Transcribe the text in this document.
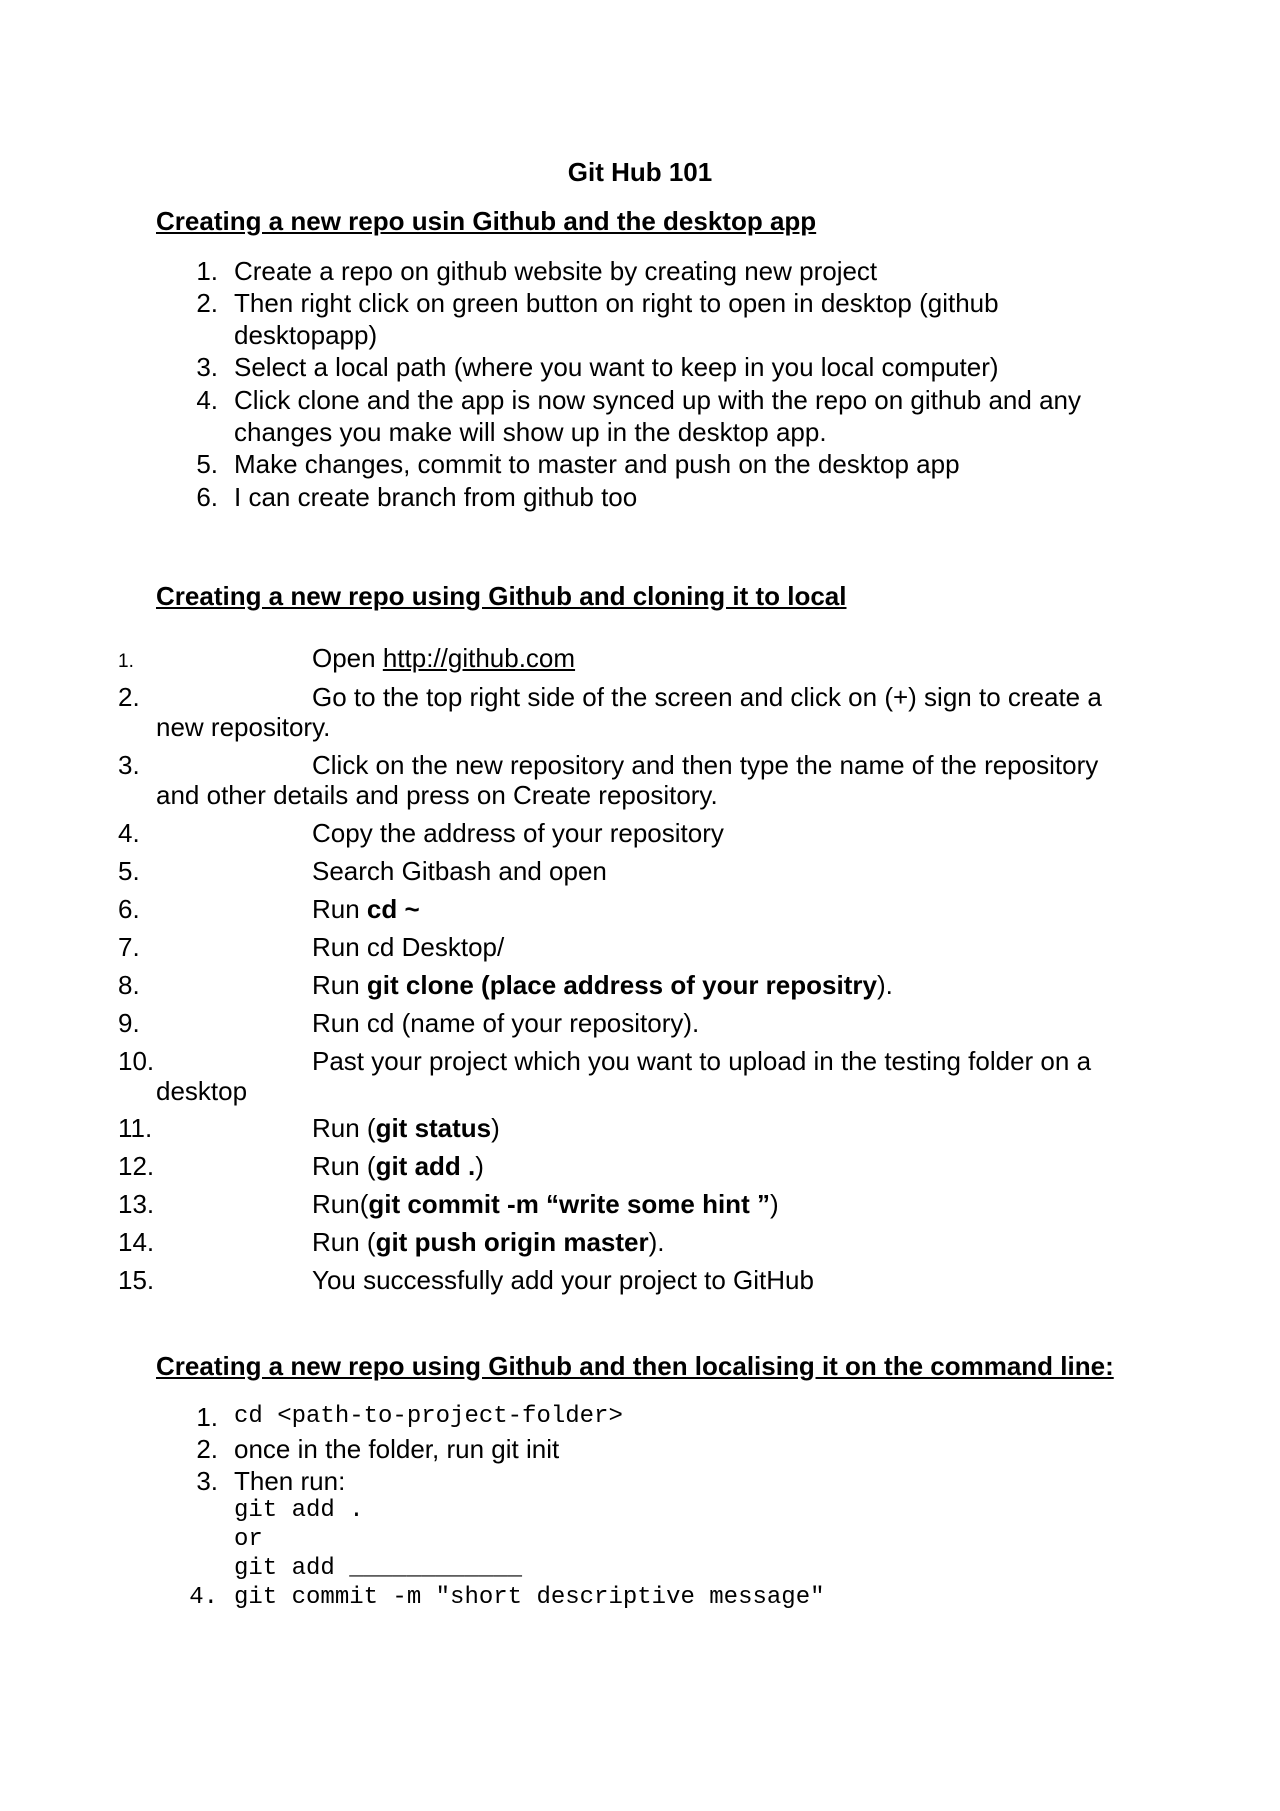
Git Hub 101
Creating a new repo usin Github and the desktop app
1. Create a repo on github website by creating new project
2. Then right click on green button on right to open in desktop (github
desktopapp)
3. Select a local path (where you want to keep in you local computer)
4. Click clone and the app is now synced up with the repo on github and any
changes you make will show up in the desktop app.
5. Make changes, commit to master and push on the desktop app
6. I can create branch from github too
Creating a new repo using Github and cloning it to local
1.	Open http://github.com
2.	Go to the top right side of the screen and click on (+) sign to create a
new repository.
3.	Click on the new repository and then type the name of the repository
and other details and press on Create repository.
4.	Copy the address of your repository
5.	Search Gitbash and open
6.	Run cd ~
7.	Run cd Desktop/
8.	Run git clone (place address of your repositry).
9.	Run cd (name of your repository).
10.	Past your project which you want to upload in the testing folder on a
desktop
11.	Run (git status)
12.	Run (git add .)
13.	Run(git commit -m “write some hint ”)
14.	Run (git push origin master).
15.	You successfully add your project to GitHub
Creating a new repo using Github and then localising it on the command line:
1. cd <path-to-project-folder>
2. once in the folder, run git init
3. Then run:
git add .
or
git add ____________
4. git commit -m "short descriptive message"
